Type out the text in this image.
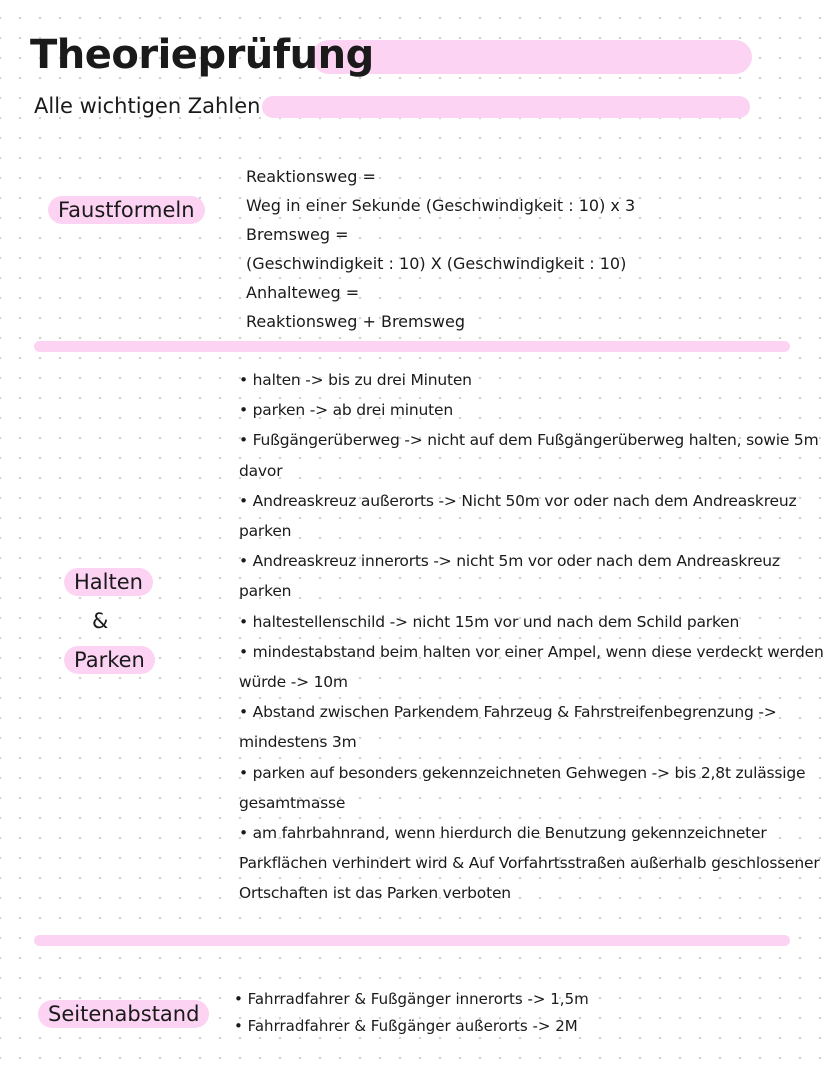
Theorieprüfung
Alle wichtigen Zahlen
Faustformeln
Reaktionsweg =
Weg in einer Sekunde (Geschwindigkeit : 10) x 3
Bremsweg =
(Geschwindigkeit : 10) X (Geschwindigkeit : 10)
Anhalteweg =
Reaktionsweg + Bremsweg
Halten
&
Parken
• halten -> bis zu drei Minuten
• parken -> ab drei minuten
• Fußgängerüberweg -> nicht auf dem Fußgängerüberweg halten, sowie 5m davor
• Andreaskreuz außerorts -> Nicht 50m vor oder nach dem Andreaskreuz parken
• Andreaskreuz innerorts -> nicht 5m vor oder nach dem Andreaskreuz parken
• haltestellenschild -> nicht 15m vor und nach dem Schild parken
• mindestabstand beim halten vor einer Ampel, wenn diese verdeckt werden würde -> 10m
• Abstand zwischen Parkendem Fahrzeug & Fahrstreifenbegrenzung -> mindestens 3m
• parken auf besonders gekennzeichneten Gehwegen -> bis 2,8t zulässige gesamtmasse
• am fahrbahnrand, wenn hierdurch die Benutzung gekennzeichneter Parkflächen verhindert wird & Auf Vorfahrtsstraßen außerhalb geschlossener Ortschaften ist das Parken verboten
Seitenabstand
• Fahrradfahrer & Fußgänger innerorts -> 1,5m
• Fahrradfahrer & Fußgänger außerorts -> 2M
